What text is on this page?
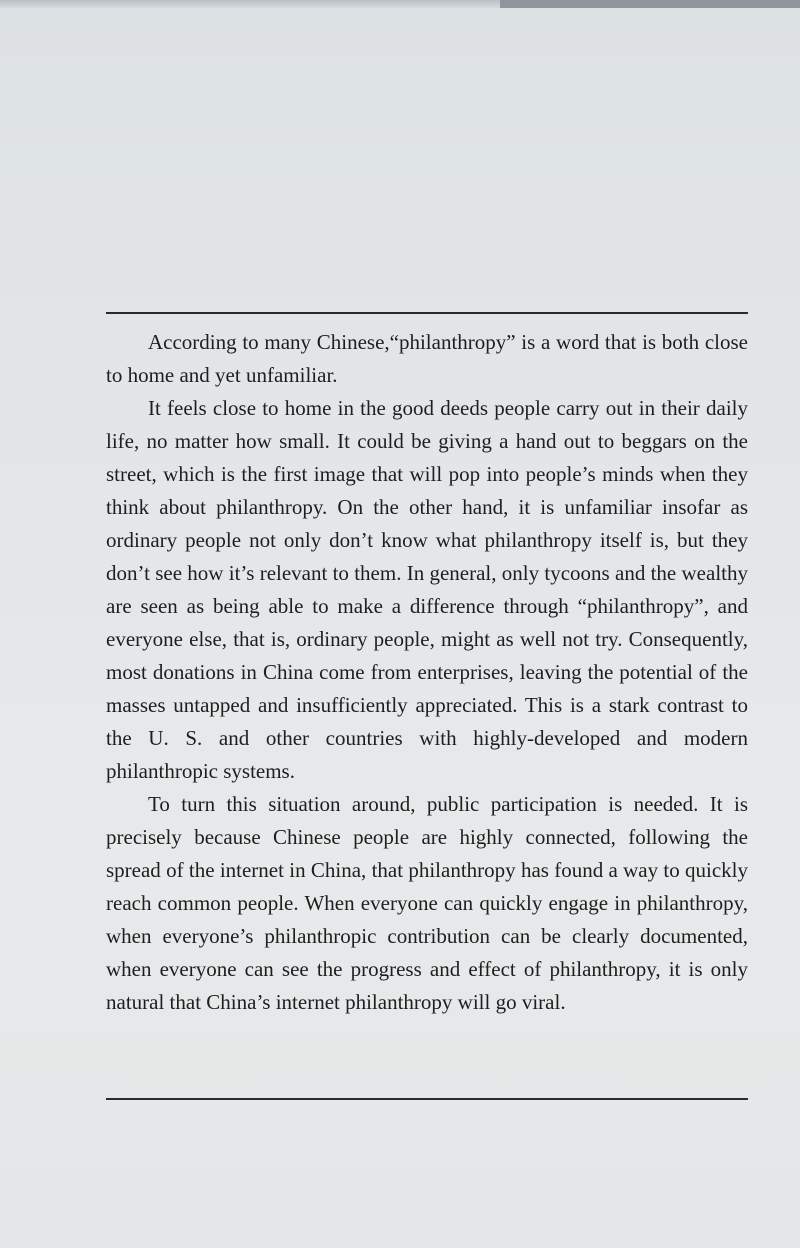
According to many Chinese,“philanthropy” is a word that is both close to home and yet unfamiliar.

It feels close to home in the good deeds people carry out in their daily life, no matter how small. It could be giving a hand out to beggars on the street, which is the first image that will pop into people’s minds when they think about philanthropy. On the other hand, it is unfamiliar insofar as ordinary people not only don’t know what philanthropy itself is, but they don’t see how it’s relevant to them. In general, only tycoons and the wealthy are seen as being able to make a difference through “philanthropy”, and everyone else, that is, ordinary people, might as well not try. Consequently, most donations in China come from enterprises, leaving the potential of the masses untapped and insufficiently appreciated. This is a stark contrast to the U. S. and other countries with highly-developed and modern philanthropic systems.

To turn this situation around, public participation is needed. It is precisely because Chinese people are highly connected, following the spread of the internet in China, that philanthropy has found a way to quickly reach common people. When everyone can quickly engage in philanthropy, when everyone’s philanthropic contribution can be clearly documented, when everyone can see the progress and effect of philanthropy, it is only natural that China’s internet philanthropy will go viral.
